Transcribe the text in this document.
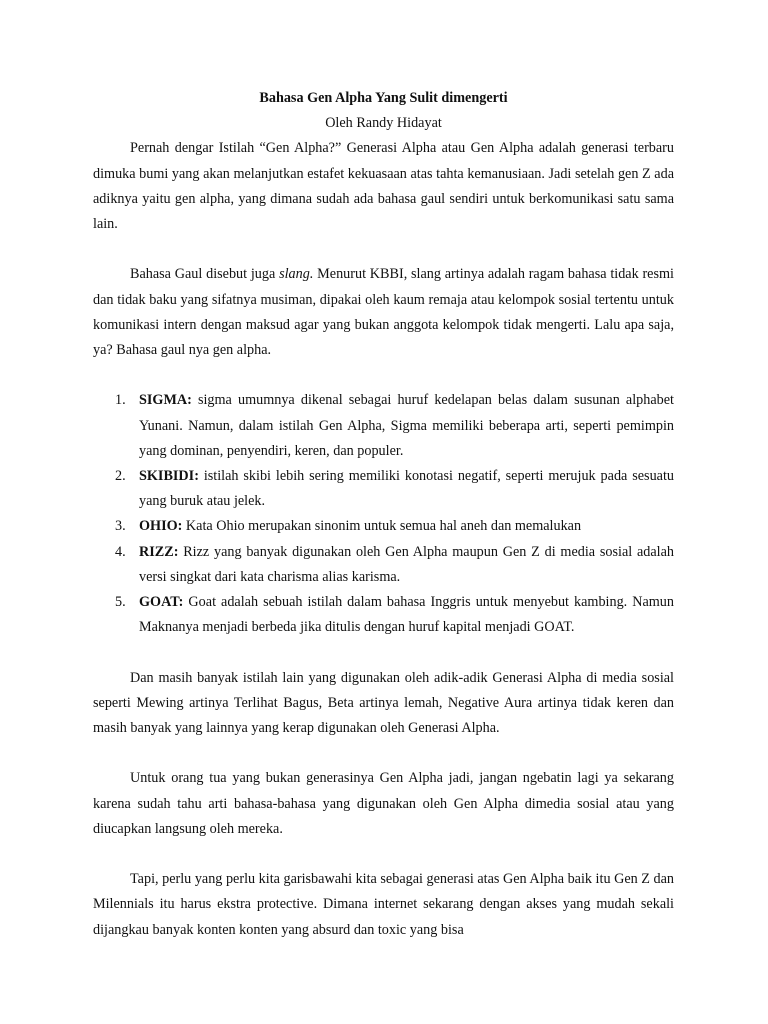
Bahasa Gen Alpha Yang Sulit dimengerti

Oleh Randy Hidayat

Pernah dengar Istilah “Gen Alpha?” Generasi Alpha atau Gen Alpha adalah generasi terbaru dimuka bumi yang akan melanjutkan estafet kekuasaan atas tahta kemanusiaan. Jadi setelah gen Z ada adiknya yaitu gen alpha, yang dimana sudah ada bahasa gaul sendiri untuk berkomunikasi satu sama lain.

Bahasa Gaul disebut juga slang. Menurut KBBI, slang artinya adalah ragam bahasa tidak resmi dan tidak baku yang sifatnya musiman, dipakai oleh kaum remaja atau kelompok sosial tertentu untuk komunikasi intern dengan maksud agar yang bukan anggota kelompok tidak mengerti. Lalu apa saja, ya? Bahasa gaul nya gen alpha.

1. SIGMA: sigma umumnya dikenal sebagai huruf kedelapan belas dalam susunan alphabet Yunani. Namun, dalam istilah Gen Alpha, Sigma memiliki beberapa arti, seperti pemimpin yang dominan, penyendiri, keren, dan populer.
2. SKIBIDI: istilah skibi lebih sering memiliki konotasi negatif, seperti merujuk pada sesuatu yang buruk atau jelek.
3. OHIO: Kata Ohio merupakan sinonim untuk semua hal aneh dan memalukan
4. RIZZ: Rizz yang banyak digunakan oleh Gen Alpha maupun Gen Z di media sosial adalah versi singkat dari kata charisma alias karisma.
5. GOAT: Goat adalah sebuah istilah dalam bahasa Inggris untuk menyebut kambing. Namun Maknanya menjadi berbeda jika ditulis dengan huruf kapital menjadi GOAT.

Dan masih banyak istilah lain yang digunakan oleh adik-adik Generasi Alpha di media sosial seperti Mewing artinya Terlihat Bagus, Beta artinya lemah, Negative Aura artinya tidak keren dan masih banyak yang lainnya yang kerap digunakan oleh Generasi Alpha.

Untuk orang tua yang bukan generasinya Gen Alpha jadi, jangan ngebatin lagi ya sekarang karena sudah tahu arti bahasa-bahasa yang digunakan oleh Gen Alpha dimedia sosial atau yang diucapkan langsung oleh mereka.

Tapi, perlu yang perlu kita garisbawahi kita sebagai generasi atas Gen Alpha baik itu Gen Z dan Milennials itu harus ekstra protective. Dimana internet sekarang dengan akses yang mudah sekali dijangkau banyak konten konten yang absurd dan toxic yang bisa
